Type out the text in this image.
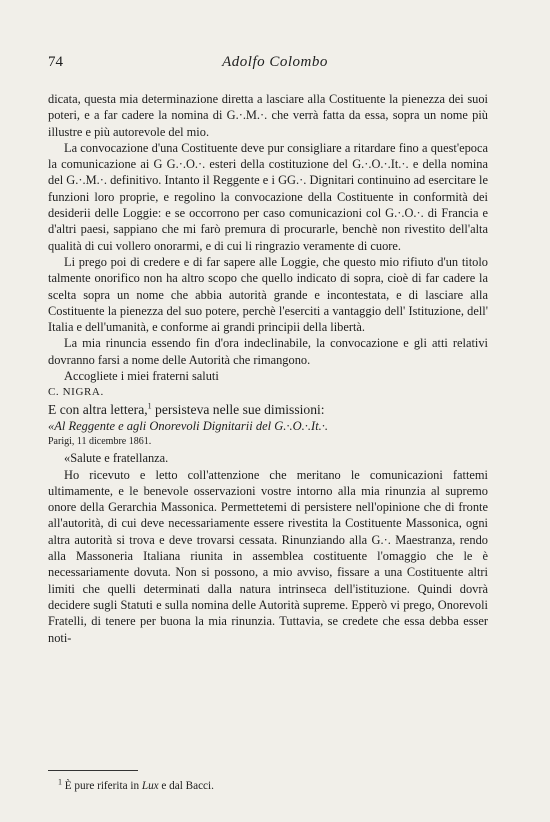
74	Adolfo Colombo

dicata, questa mia determinazione diretta a lasciare alla Costituente la pienezza dei suoi poteri, e a far cadere la nomina di G.·.M.·. che verrà fatta da essa, sopra un nome più illustre e più autorevole del mio.

La convocazione d'una Costituente deve pur consigliare a ritardare fino a quest'epoca la comunicazione ai G G.·.O.·. esteri della costituzione del G.·.O.·.It.·. e della nomina del G.·.M.·. definitivo. Intanto il Reggente e i GG.·. Dignitari continuino ad esercitare le funzioni loro proprie, e regolino la convocazione della Costituente in conformità dei desiderii delle Loggie: e se occorrono per caso comunicazioni col G.·.O.·. di Francia e d'altri paesi, sappiano che mi farò premura di procurarle, benchè non rivestito dell'alta qualità di cui vollero onorarmi, e di cui li ringrazio veramente di cuore.

Li prego poi di credere e di far sapere alle Loggie, che questo mio rifiuto d'un titolo talmente onorifico non ha altro scopo che quello indicato di sopra, cioè di far cadere la scelta sopra un nome che abbia autorità grande e incontestata, e di lasciare alla Costituente la pienezza del suo potere, perchè l'eserciti a vantaggio dell' Istituzione, dell' Italia e dell'umanità, e conforme ai grandi principii della libertà.

La mia rinuncia essendo fin d'ora indeclinabile, la convocazione e gli atti relativi dovranno farsi a nome delle Autorità che rimangono.

Accogliete i miei fraterni saluti

C. NIGRA.

E con altra lettera,$^1$ persisteva nelle sue dimissioni:

«Al Reggente e agli Onorevoli Dignitarii del G.·.O.·.It.·.

Parigi, 11 dicembre 1861.

«Salute e fratellanza.

Ho ricevuto e letto coll'attenzione che meritano le comunicazioni fattemi ultimamente, e le benevole osservazioni vostre intorno alla mia rinunzia al supremo onore della Gerarchia Massonica. Permettetemi di persistere nell'opinione che di fronte all'autorità, di cui deve necessariamente essere rivestita la Costituente Massonica, ogni altra autorità si trova e deve trovarsi cessata. Rinunziando alla G.·. Maestranza, rendo alla Massoneria Italiana riunita in assemblea costituente l'omaggio che le è necessariamente dovuta. Non si possono, a mio avviso, fissare a una Costituente altri limiti che quelli determinati dalla natura intrinseca dell'istituzione. Quindi dovrà decidere sugli Statuti e sulla nomina delle Autorità supreme. Epperò vi prego, Onorevoli Fratelli, di tenere per buona la mia rinunzia. Tuttavia, se credete che essa debba esser noti-

$^1$ È pure riferita in Lux e dal Bacci.
